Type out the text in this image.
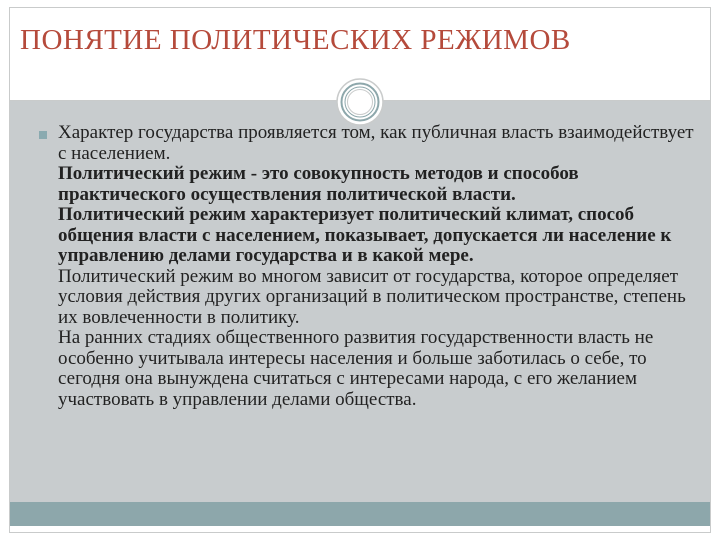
ПОНЯТИЕ ПОЛИТИЧЕСКИХ РЕЖИМОВ

Характер государства проявляется том, как публичная власть взаимодействует с населением.

Политический режим - это совокупность методов и способов практического осуществления политической власти.

Политический режим характеризует политический климат, способ общения власти с населением, показывает, допускается ли население к управлению делами государства и в какой мере.

Политический режим во многом зависит от государства, которое определяет условия действия других организаций в политическом пространстве, степень их вовлеченности в политику.

На ранних стадиях общественного развития государственности власть не особенно учитывала интересы населения и больше заботилась о себе, то сегодня она вынуждена считаться с интересами народа, с его желанием участвовать в управлении делами общества.
